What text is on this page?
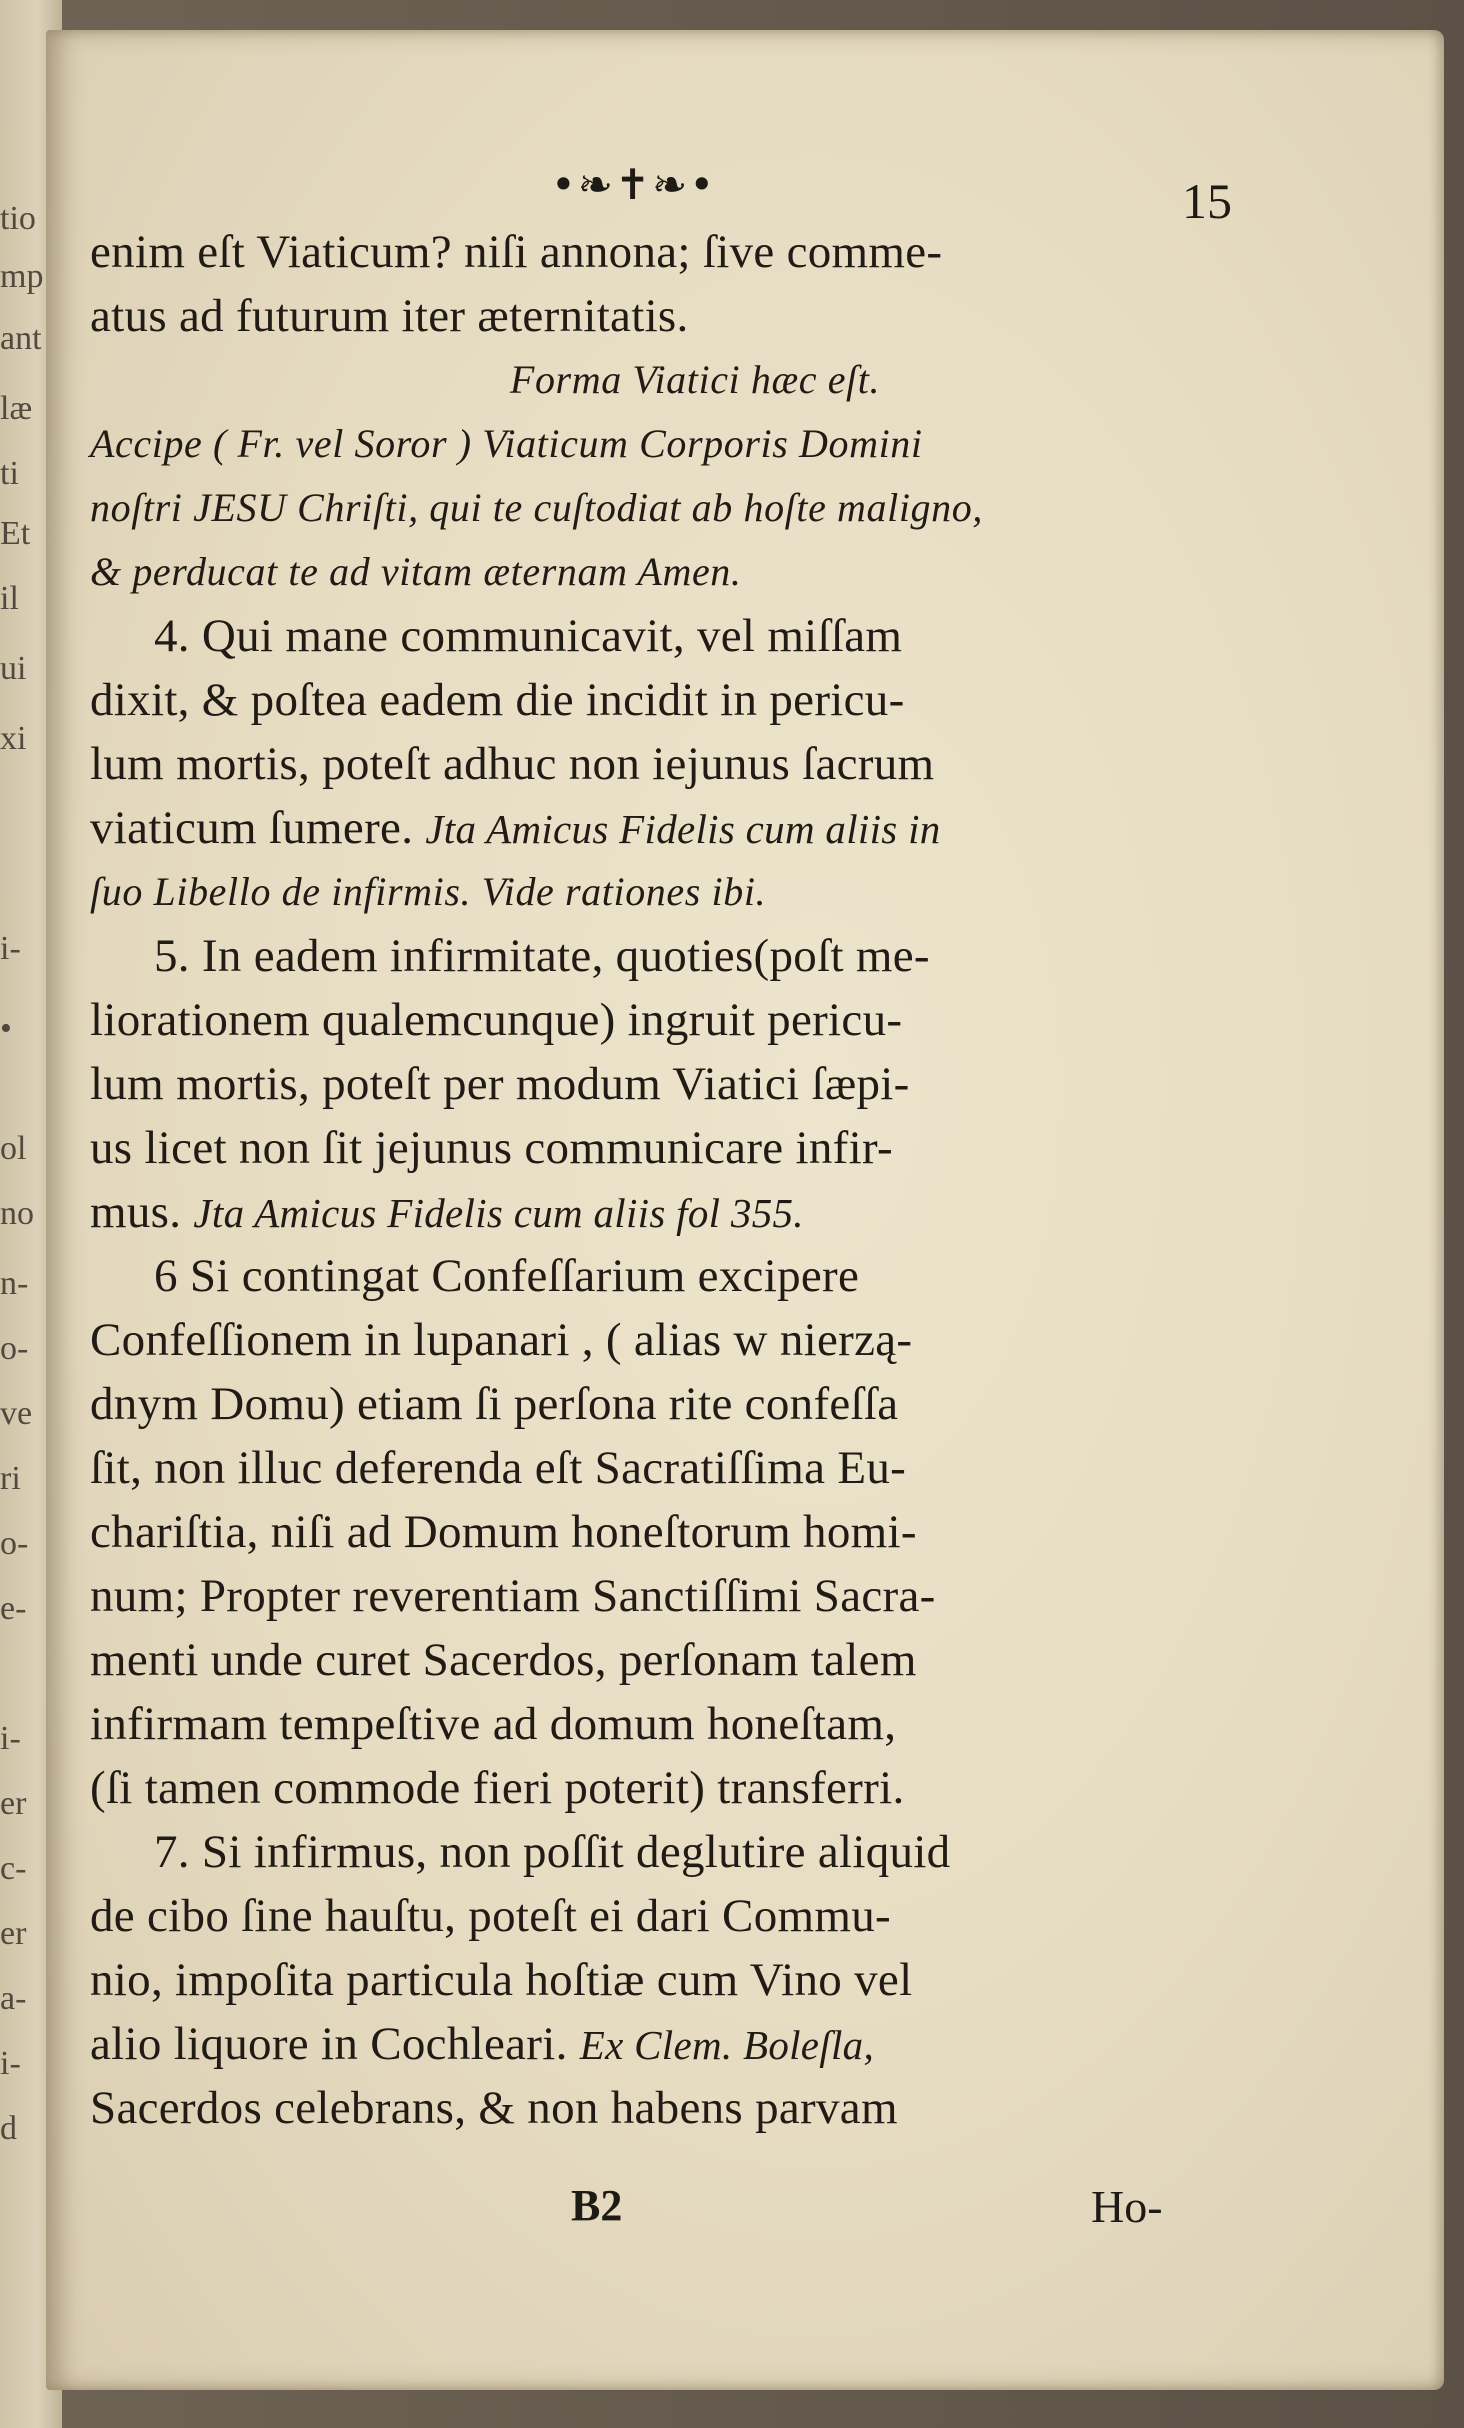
tio
mp
ant
læ
ti
Et
il
ui
xi
i-
•
ol
no
n-
o-
ve
ri
o-
e-
i-
er
c-
er
a-
i-
d
•❧✝❧•	15
enim eſt Viaticum? niſi annona; ſive comme-
atus ad futurum iter æternitatis.
Forma Viatici hæc eſt.
Accipe ( Fr. vel Soror ) Viaticum Corporis Domini
noſtri JESU Chriſti, qui te cuſtodiat ab hoſte maligno,
& perducat te ad vitam æternam Amen.
4. Qui mane communicavit, vel miſſam
dixit, & poſtea eadem die incidit in pericu-
lum mortis, poteſt adhuc non iejunus ſacrum
viaticum ſumere. Jta Amicus Fidelis cum aliis in
ſuo Libello de infirmis. Vide rationes ibi.
5. In eadem infirmitate, quoties(poſt me-
liorationem qualemcunque) ingruit pericu-
lum mortis, poteſt per modum Viatici ſæpi-
us licet non ſit jejunus communicare infir-
mus. Jta Amicus Fidelis cum aliis fol 355.
6 Si contingat Confeſſarium excipere
Confeſſionem in lupanari , ( alias w nierzą-
dnym Domu) etiam ſi perſona rite confeſſa
ſit, non illuc deferenda eſt Sacratiſſima Eu-
chariſtia, niſi ad Domum honeſtorum homi-
num; Propter reverentiam Sanctiſſimi Sacra-
menti unde curet Sacerdos, perſonam talem
infirmam tempeſtive ad domum honeſtam,
(ſi tamen commode fieri poterit) transferri.
7. Si infirmus, non poſſit deglutire aliquid
de cibo ſine hauſtu, poteſt ei dari Commu-
nio, impoſita particula hoſtiæ cum Vino vel
alio liquore in Cochleari. Ex Clem. Boleſla,
Sacerdos celebrans, & non habens parvam
B2	Ho-
